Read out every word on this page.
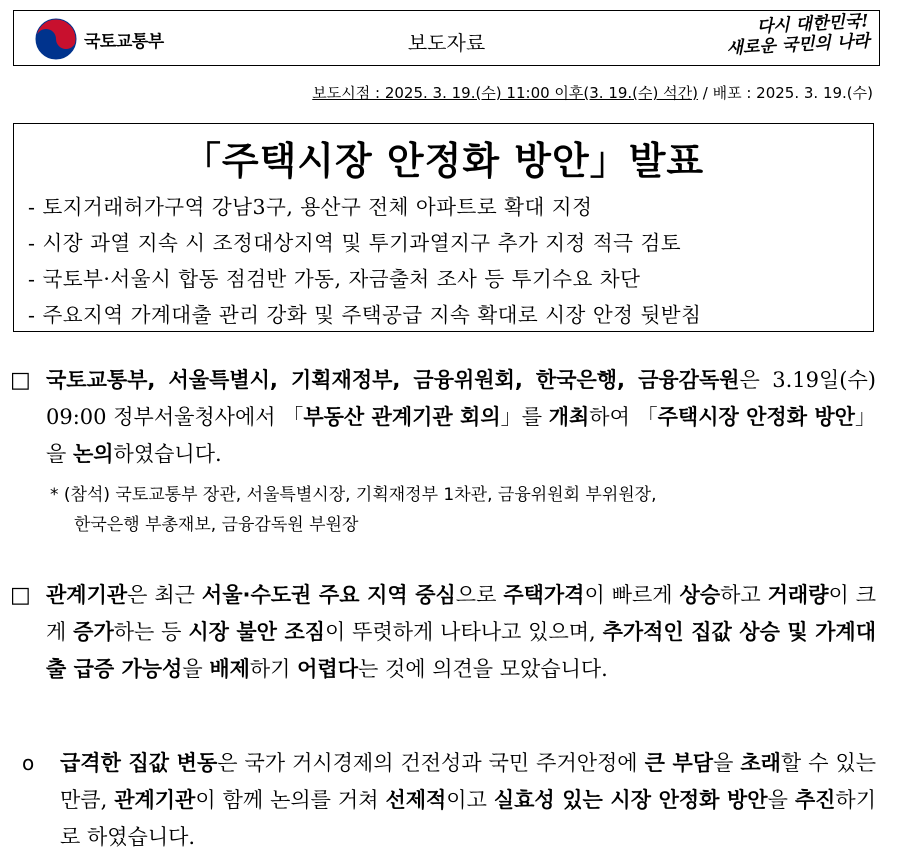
국토교통부	보도자료
다시 대한민국!
새로운 국민의 나라
보도시점 : 2025. 3. 19.(수) 11:00 이후(3. 19.(수) 석간) / 배포 : 2025. 3. 19.(수)
「주택시장 안정화 방안」발표
- 토지거래허가구역 강남3구, 용산구 전체 아파트로 확대 지정
- 시장 과열 지속 시 조정대상지역 및 투기과열지구 추가 지정 적극 검토
- 국토부·서울시 합동 점검반 가동, 자금출처 조사 등 투기수요 차단
- 주요지역 가계대출 관리 강화 및 주택공급 지속 확대로 시장 안정 뒷받침
□ 국토교통부, 서울특별시, 기획재정부, 금융위원회, 한국은행, 금융감독원은 3.19일(수) 09:00 정부서울청사에서 「부동산 관계기관 회의」를 개최하여 「주택시장 안정화 방안」을 논의하였습니다.
* (참석) 국토교통부 장관, 서울특별시장, 기획재정부 1차관, 금융위원회 부위원장,
한국은행 부총재보, 금융감독원 부원장
□ 관계기관은 최근 서울·수도권 주요 지역 중심으로 주택가격이 빠르게 상승하고 거래량이 크게 증가하는 등 시장 불안 조짐이 뚜렷하게 나타나고 있으며, 추가적인 집값 상승 및 가계대출 급증 가능성을 배제하기 어렵다는 것에 의견을 모았습니다.
o 급격한 집값 변동은 국가 거시경제의 건전성과 국민 주거안정에 큰 부담을 초래할 수 있는 만큼, 관계기관이 함께 논의를 거쳐 선제적이고 실효성 있는 시장 안정화 방안을 추진하기로 하였습니다.
